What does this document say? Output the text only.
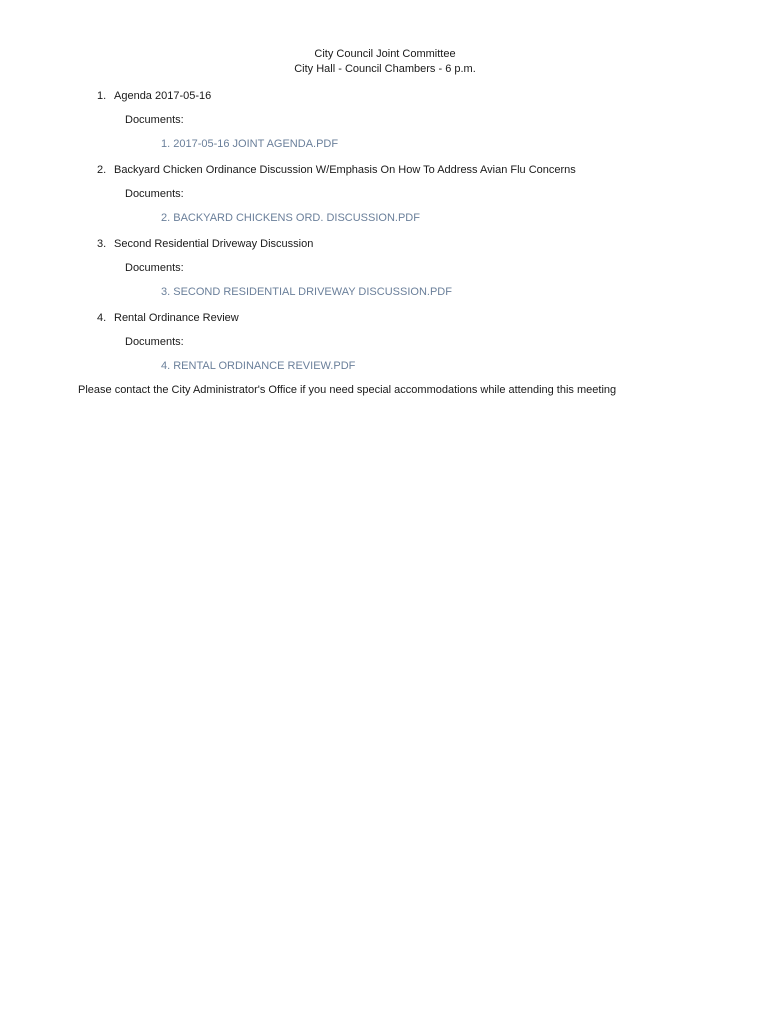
City Council Joint Committee
City Hall - Council Chambers - 6 p.m.
1. Agenda 2017-05-16
Documents:
1. 2017-05-16 JOINT AGENDA.PDF
2. Backyard Chicken Ordinance Discussion W/Emphasis On How To Address Avian Flu Concerns
Documents:
2. BACKYARD CHICKENS ORD. DISCUSSION.PDF
3. Second Residential Driveway Discussion
Documents:
3. SECOND RESIDENTIAL DRIVEWAY DISCUSSION.PDF
4. Rental Ordinance Review
Documents:
4. RENTAL ORDINANCE REVIEW.PDF
Please contact the City Administrator's Office if you need special accommodations while attending this meeting
